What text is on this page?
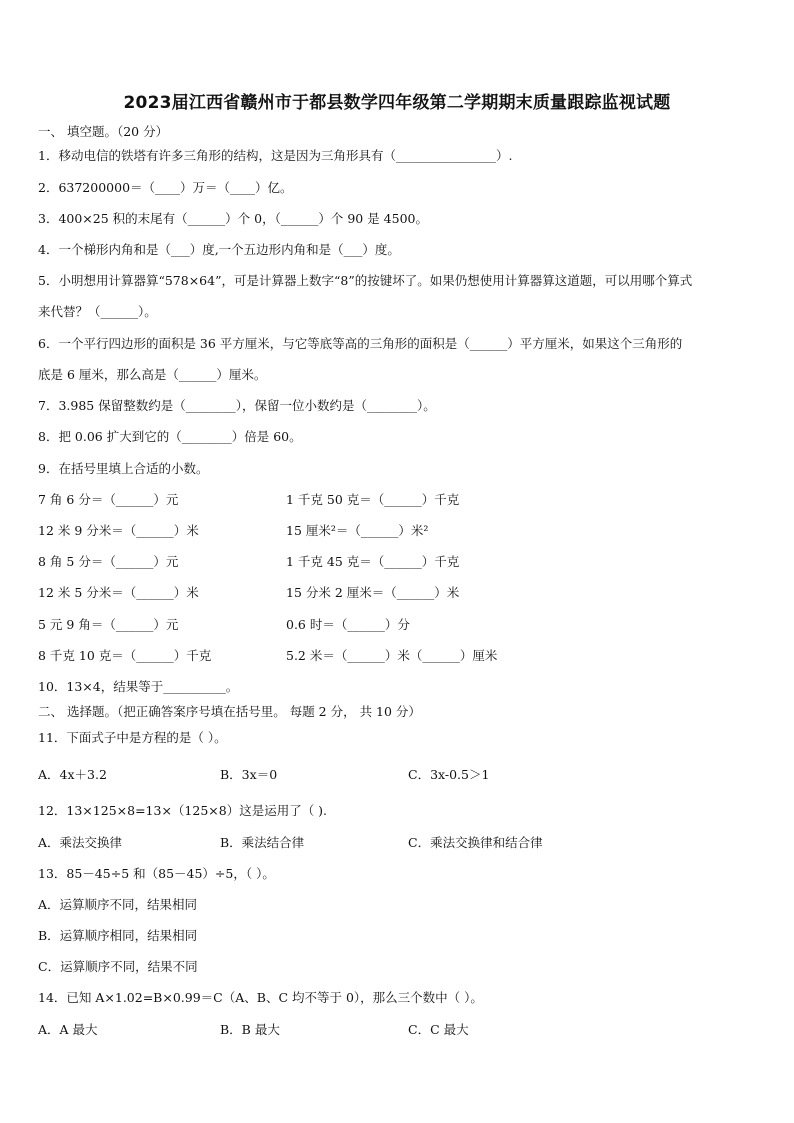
2023届江西省赣州市于都县数学四年级第二学期期末质量跟踪监视试题
一、 填空题。（20 分）
1．移动电信的铁塔有许多三角形的结构，这是因为三角形具有（________________）.
2．637200000＝（____）万＝（____）亿。
3．400×25 积的末尾有（______）个 0，（______）个 90 是 4500。
4．一个梯形内角和是（___）度,一个五边形内角和是（___）度。
5．小明想用计算器算“578×64”，可是计算器上数字“8”的按键坏了。如果仍想使用计算器算这道题，可以用哪个算式
来代替？（______）。
6．一个平行四边形的面积是 36 平方厘米，与它等底等高的三角形的面积是（______）平方厘米，如果这个三角形的
底是 6 厘米，那么高是（______）厘米。
7．3.985 保留整数约是（________），保留一位小数约是（________）。
8．把 0.06 扩大到它的（________）倍是 60。
9．在括号里填上合适的小数。
7 角 6 分＝（______）元	1 千克 50 克＝（______）千克
12 米 9 分米＝（______）米	15 厘米²＝（______）米²
8 角 5 分＝（______）元	1 千克 45 克＝（______）千克
12 米 5 分米＝（______）米	15 分米 2 厘米＝（______）米
5 元 9 角＝（______）元	0.6 时＝（______）分
8 千克 10 克＝（______）千克	5.2 米＝（______）米（______）厘米
10．13×4，结果等于__________。
二、 选择题。（把正确答案序号填在括号里。 每题 2 分， 共 10 分）
11．下面式子中是方程的是（ ）。
A．4x＋3.2	B．3x＝0	C．3x-0.5＞1
12．13×125×8=13×（125×8）这是运用了（ ).
A．乘法交换律	B．乘法结合律	C．乘法交换律和结合律
13．85－45÷5 和（85－45）÷5，（ ）。
A．运算顺序不同，结果相同
B．运算顺序相同，结果相同
C．运算顺序不同，结果不同
14．已知 A×1.02=B×0.99＝C（A、B、C 均不等于 0），那么三个数中（ ）。
A．A 最大	B．B 最大	C．C 最大
